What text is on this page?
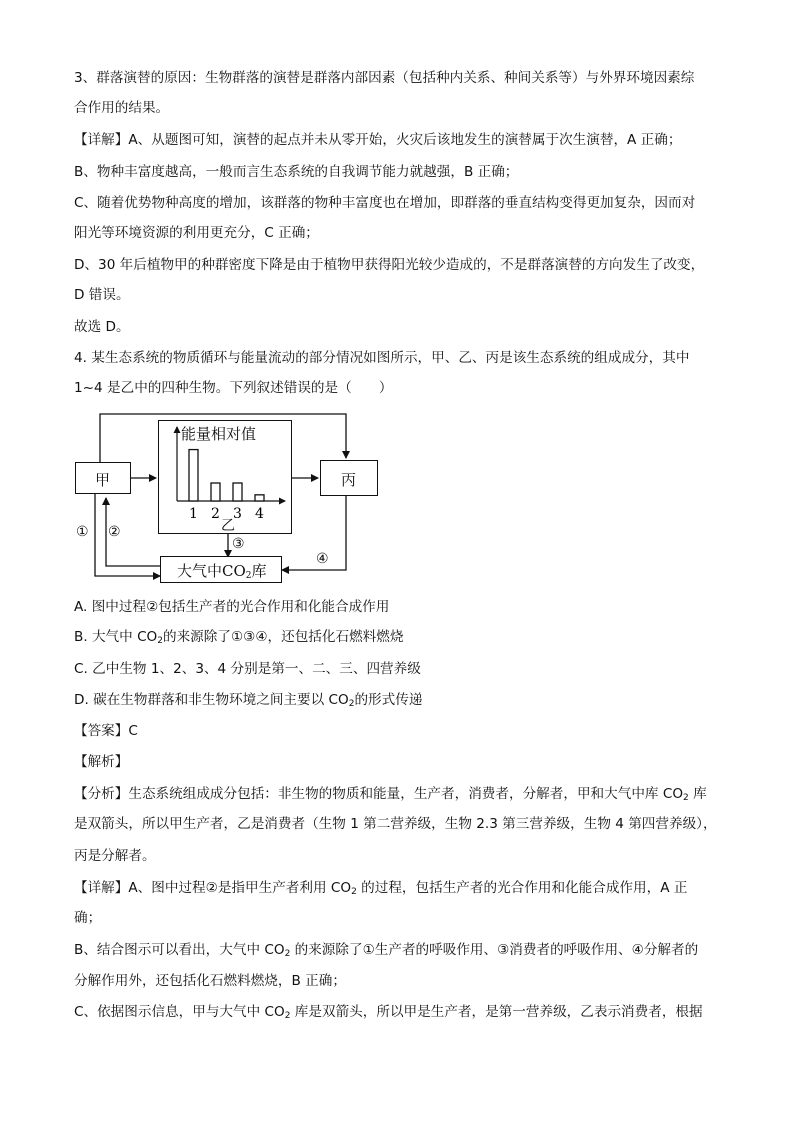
3、群落演替的原因：生物群落的演替是群落内部因素（包括种内关系、种间关系等）与外界环境因素综
合作用的结果。
【详解】A、从题图可知，演替的起点并未从零开始，火灾后该地发生的演替属于次生演替，A 正确；
B、物种丰富度越高，一般而言生态系统的自我调节能力就越强，B 正确；
C、随着优势物种高度的增加，该群落的物种丰富度也在增加，即群落的垂直结构变得更加复杂，因而对
阳光等环境资源的利用更充分，C 正确；
D、30 年后植物甲的种群密度下降是由于植物甲获得阳光较少造成的，不是群落演替的方向发生了改变，
D 错误。
故选 D。
4. 某生态系统的物质循环与能量流动的部分情况如图所示，甲、乙、丙是该生态系统的组成成分，其中
1~4 是乙中的四种生物。下列叙述错误的是（　　）
甲	丙
能量相对值
1 2 3 4
乙
大气中$CO_2$库
① ②
③
④
A. 图中过程②包括生产者的光合作用和化能合成作用
B. 大气中 $CO_2$的来源除了①③④，还包括化石燃料燃烧
C. 乙中生物 1、2、3、4 分别是第一、二、三、四营养级
D. 碳在生物群落和非生物环境之间主要以 $CO_2$的形式传递
【答案】C
【解析】
【分析】生态系统组成成分包括：非生物的物质和能量，生产者，消费者，分解者，甲和大气中库 $CO_2$ 库
是双箭头，所以甲生产者，乙是消费者（生物 1 第二营养级，生物 2.3 第三营养级，生物 4 第四营养级），
丙是分解者。
【详解】A、图中过程②是指甲生产者利用 $CO_2$ 的过程，包括生产者的光合作用和化能合成作用，A 正
确；
B、结合图示可以看出，大气中 $CO_2$ 的来源除了①生产者的呼吸作用、③消费者的呼吸作用、④分解者的
分解作用外，还包括化石燃料燃烧，B 正确；
C、依据图示信息，甲与大气中 $CO_2$ 库是双箭头，所以甲是生产者，是第一营养级，乙表示消费者，根据
